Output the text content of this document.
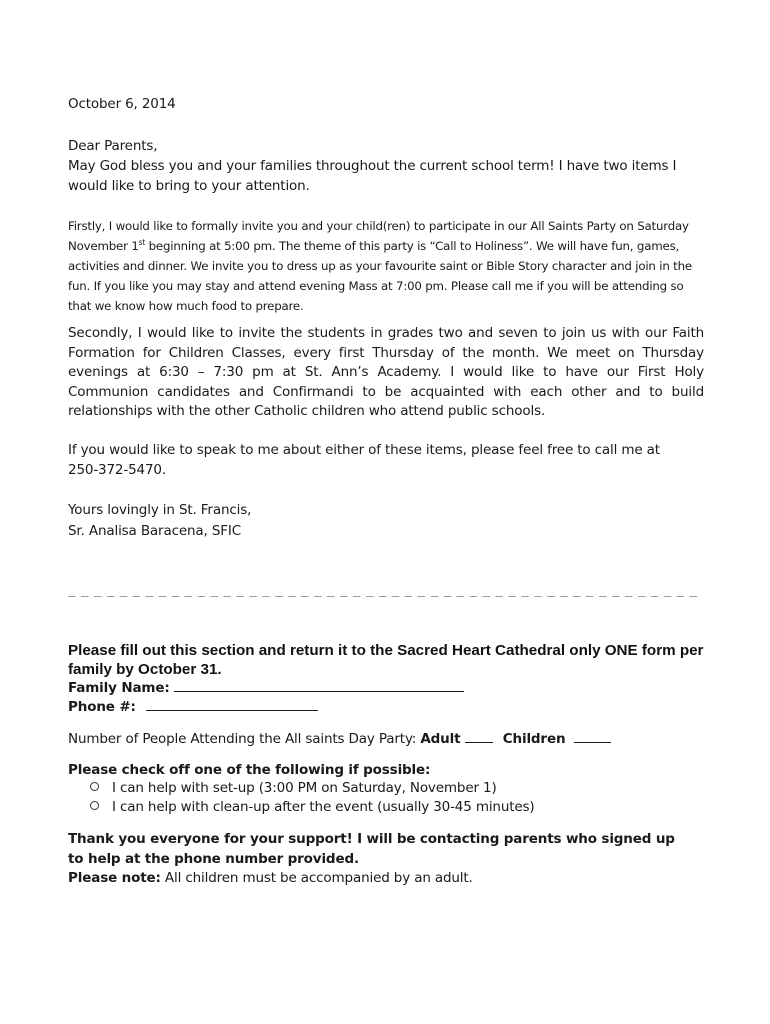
October 6, 2014
Dear Parents,
May God bless you and your families throughout the current school term! I have two items I would like to bring to your attention.
Firstly, I would like to formally invite you and your child(ren) to participate in our All Saints Party on Saturday November 1st beginning at 5:00 pm. The theme of this party is “Call to Holiness”. We will have fun, games, activities and dinner. We invite you to dress up as your favourite saint or Bible Story character and join in the fun. If you like you may stay and attend evening Mass at 7:00 pm. Please call me if you will be attending so that we know how much food to prepare.
Secondly, I would like to invite the students in grades two and seven to join us with our Faith Formation for Children Classes, every first Thursday of the month. We meet on Thursday evenings at 6:30 – 7:30 pm at St. Ann’s Academy. I would like to have our First Holy Communion candidates and Confirmandi to be acquainted with each other and to build relationships with the other Catholic children who attend public schools.
If you would like to speak to me about either of these items, please feel free to call me at 250-372-5470.
Yours lovingly in St. Francis,
Sr. Analisa Baracena, SFIC
_ _ _ _ _ _ _ _ _ _ _ _ _ _ _ _ _ _ _ _ _ _ _ _ _ _ _ _ _ _ _ _ _ _ _ _ _ _ _ _ _ _ _ _ _ _ _ _ _
Please fill out this section and return it to the Sacred Heart Cathedral only ONE form per family by October 31.
Family Name:
Phone #:
Number of People Attending the All saints Day Party: Adult	Children
Please check off one of the following if possible:
I can help with set-up (3:00 PM on Saturday, November 1)
I can help with clean-up after the event (usually 30-45 minutes)
Thank you everyone for your support! I will be contacting parents who signed up to help at the phone number provided.
Please note: All children must be accompanied by an adult.
